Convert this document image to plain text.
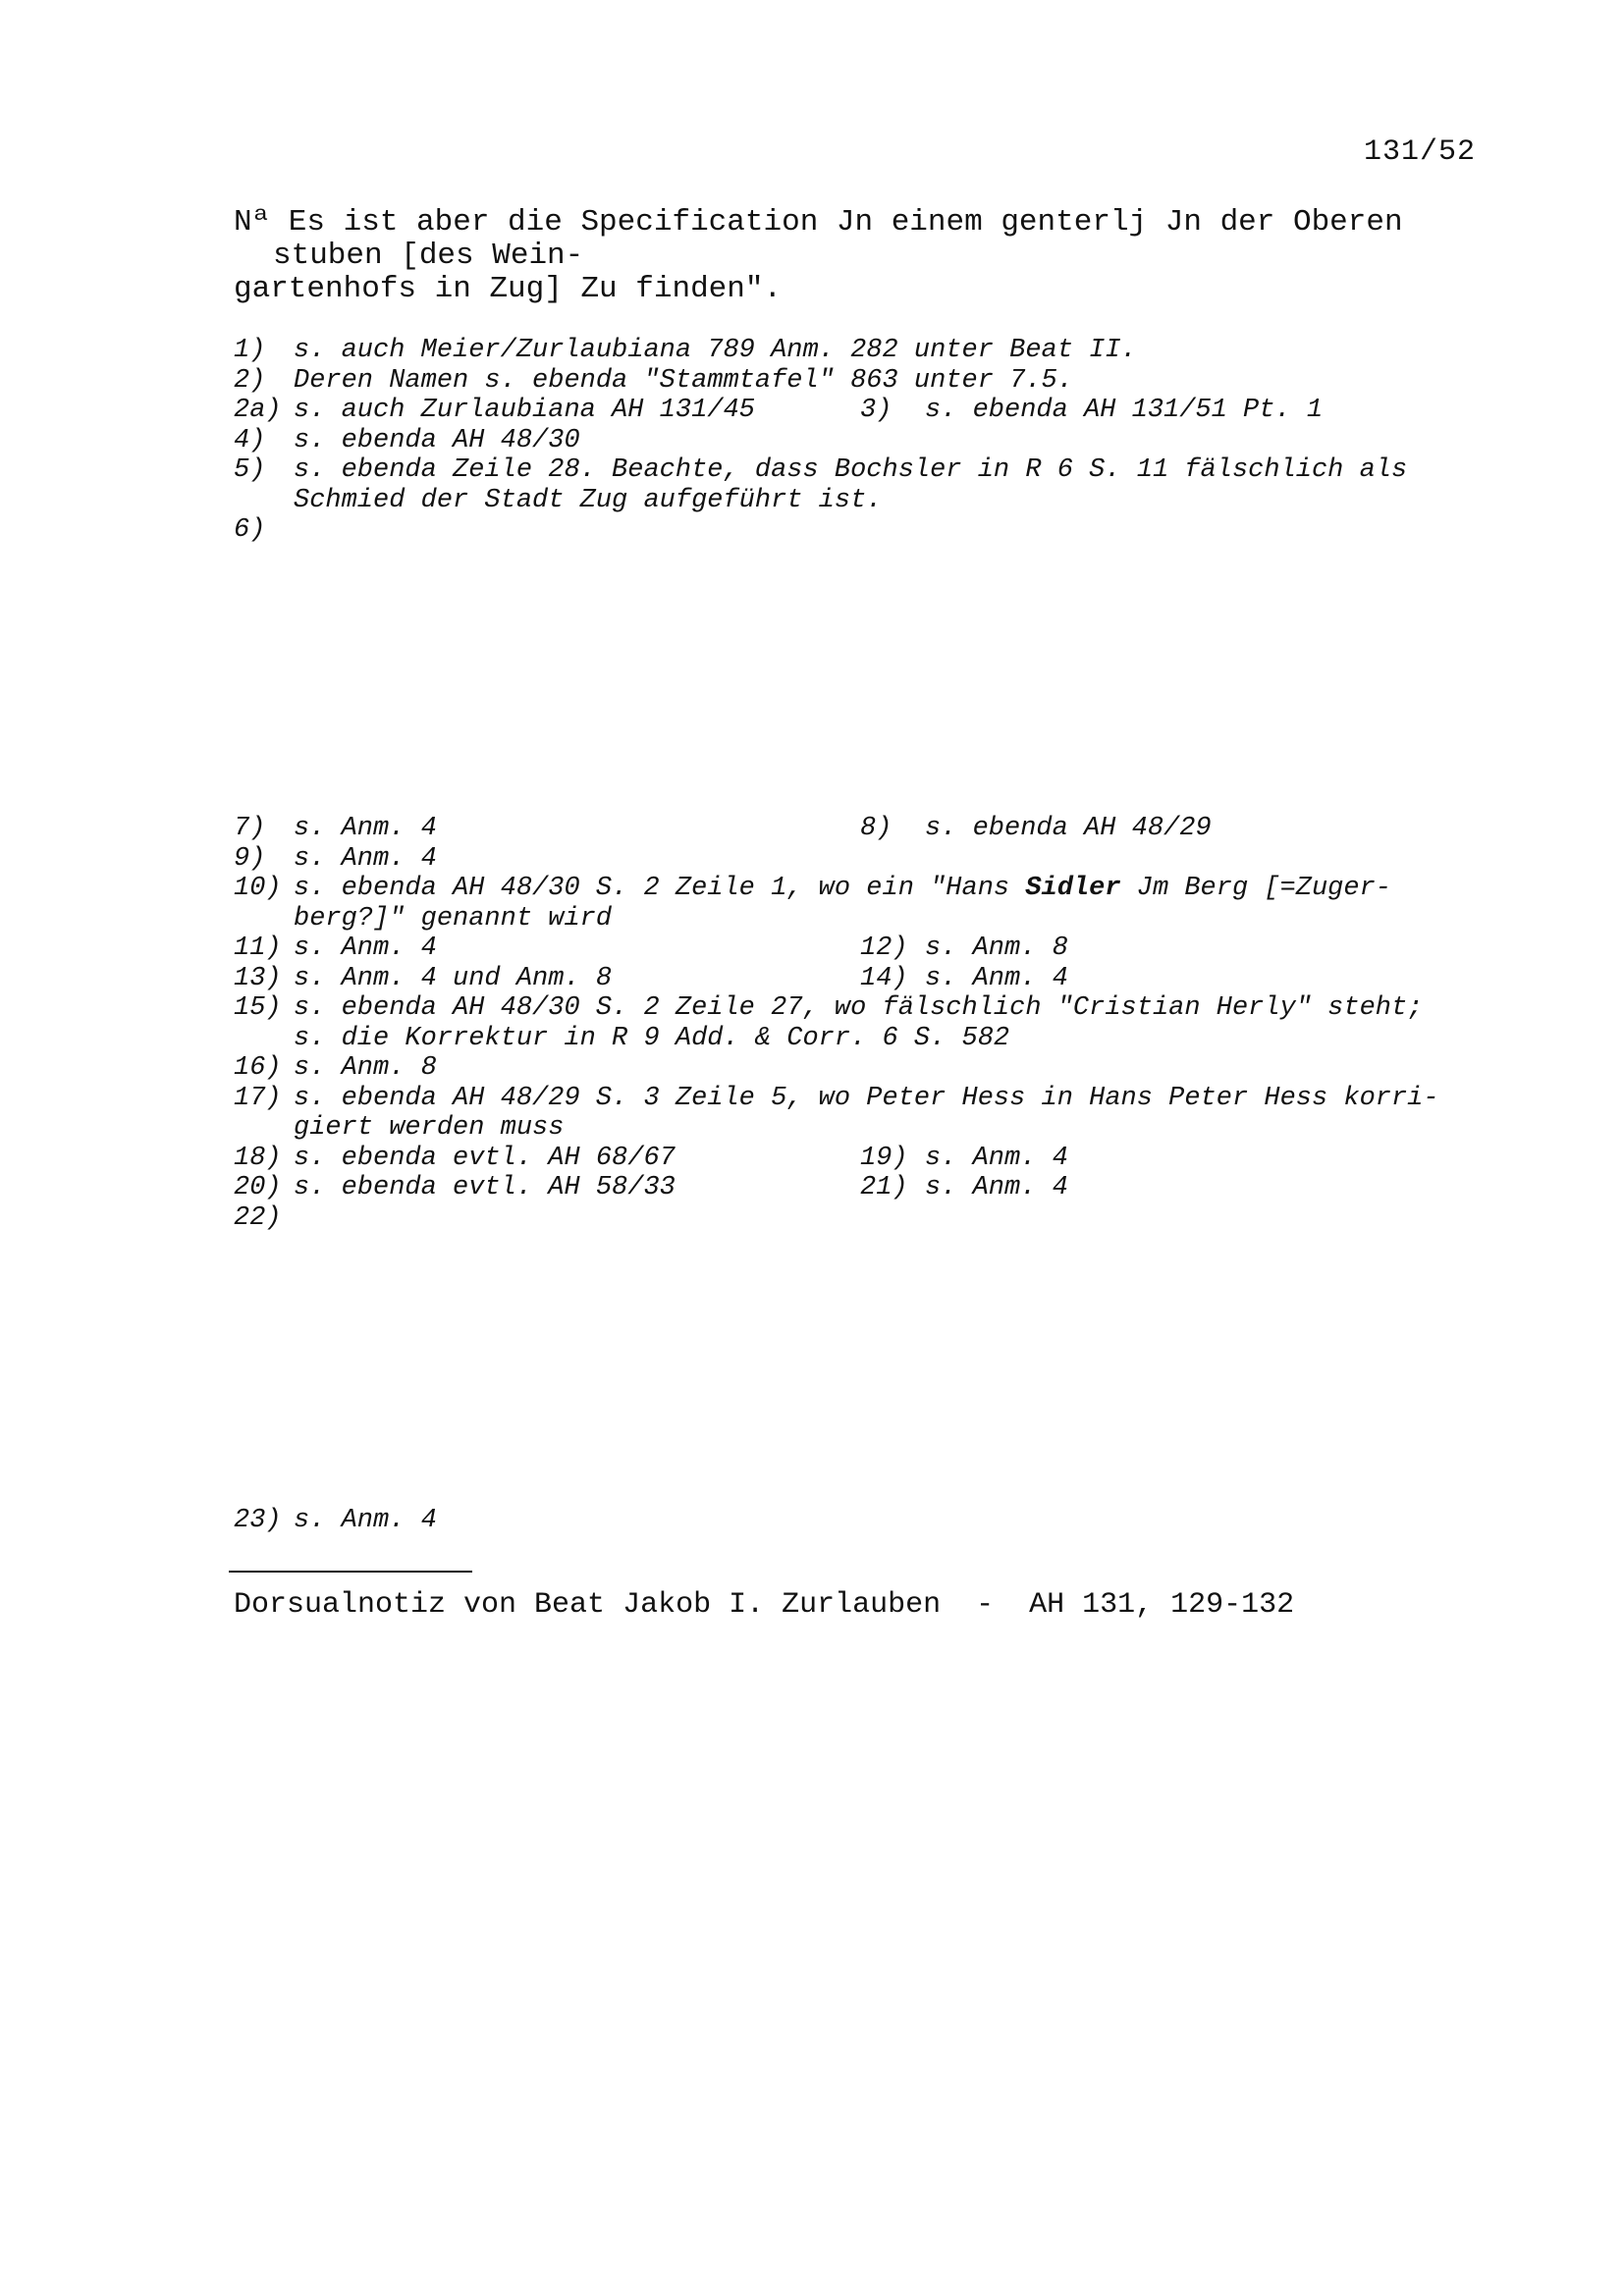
131/52
Nª Es ist aber die Specification Jn einem genterlj Jn der Oberen
stuben [des Wein-
gartenhofs in Zug] Zu finden".
1)	s. auch Meier/Zurlaubiana 789 Anm. 282 unter Beat II.
2)	Deren Namen s. ebenda "Stammtafel" 863 unter 7.5.
2a) s. auch Zurlaubiana AH 131/45	3) s. ebenda AH 131/51 Pt. 1
4)	s. ebenda AH 48/30
5)	s. ebenda Zeile 28. Beachte, dass Bochsler in R 6 S. 11 fälschlich als
Schmied der Stadt Zug aufgeführt ist.
6)
7) s. Anm. 4	8) s. ebenda AH 48/29
9)	s. Anm. 4
10) s. ebenda AH 48/30 S. 2 Zeile 1, wo ein "Hans Sidler Jm Berg [=Zuger-
berg?]" genannt wird
11) s. Anm. 4	12) s. Anm. 8
13) s. Anm. 4 und Anm. 8	14) s. Anm. 4
15) s. ebenda AH 48/30 S. 2 Zeile 27, wo fälschlich "Cristian Herly" steht;
s. die Korrektur in R 9 Add. & Corr. 6 S. 582
16) s. Anm. 8
17) s. ebenda AH 48/29 S. 3 Zeile 5, wo Peter Hess in Hans Peter Hess korri-
giert werden muss
18) s. ebenda evtl. AH 68/67	19) s. Anm. 4
20) s. ebenda evtl. AH 58/33	21) s. Anm. 4
22)
23) s. Anm. 4
Dorsualnotiz von Beat Jakob I. Zurlauben  -  AH 131, 129-132
